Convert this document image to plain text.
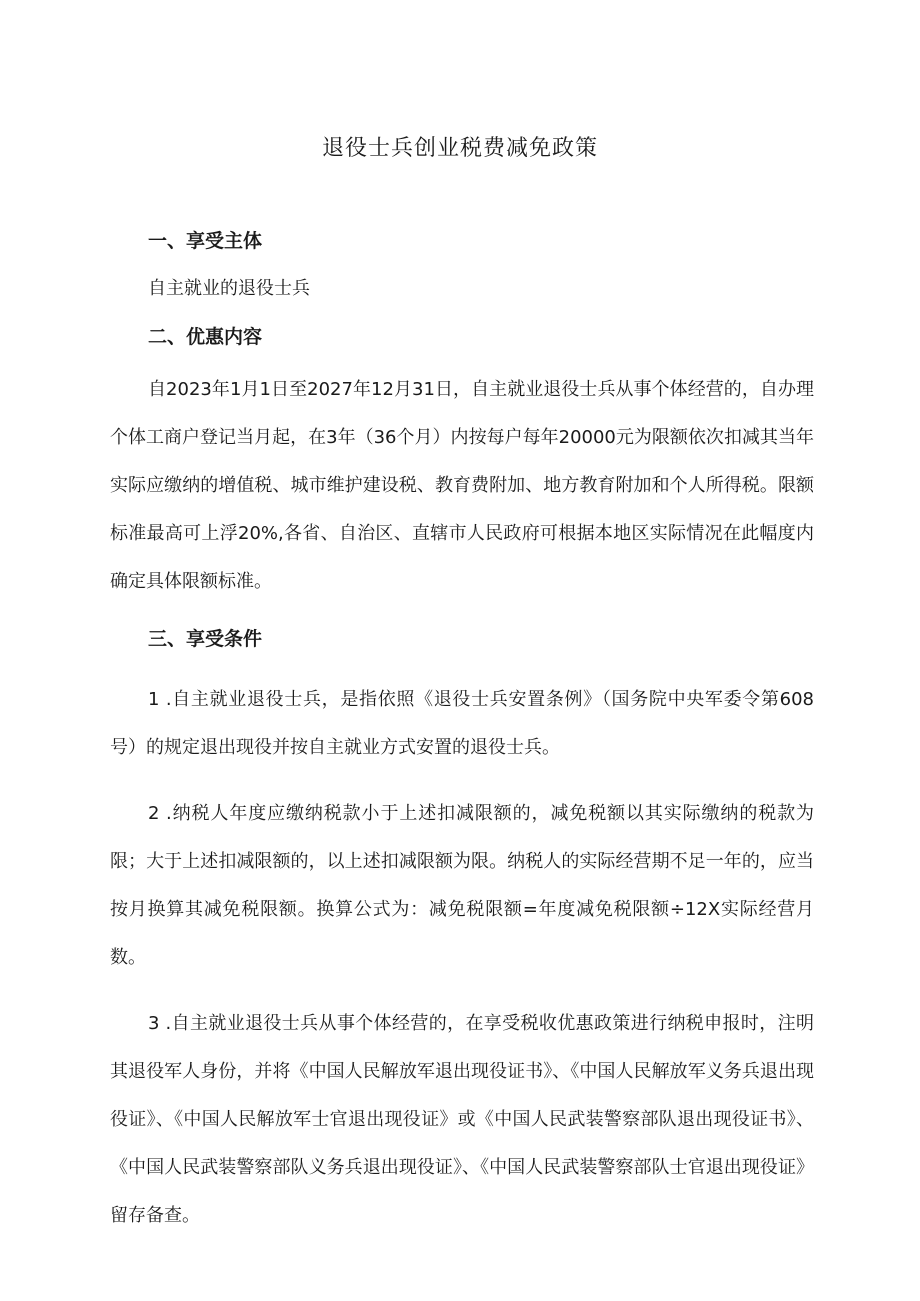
退役士兵创业税费减免政策
一、享受主体

自主就业的退役士兵

二、优惠内容

自2023年1月1日至2027年12月31日，自主就业退役士兵从事个体经营的，自办理个体工商户登记当月起，在3年（36个月）内按每户每年20000元为限额依次扣减其当年实际应缴纳的增值税、城市维护建设税、教育费附加、地方教育附加和个人所得税。限额标准最高可上浮20%,各省、自治区、直辖市人民政府可根据本地区实际情况在此幅度内确定具体限额标准。

三、享受条件

1 .自主就业退役士兵，是指依照《退役士兵安置条例》（国务院中央军委令第608号）的规定退出现役并按自主就业方式安置的退役士兵。

2 .纳税人年度应缴纳税款小于上述扣减限额的，减免税额以其实际缴纳的税款为限；大于上述扣减限额的，以上述扣减限额为限。纳税人的实际经营期不足一年的，应当按月换算其减免税限额。换算公式为：减免税限额=年度减免税限额÷12X实际经营月数。

3 .自主就业退役士兵从事个体经营的，在享受税收优惠政策进行纳税申报时，注明其退役军人身份，并将《中国人民解放军退出现役证书》、《中国人民解放军义务兵退出现役证》、《中国人民解放军士官退出现役证》或《中国人民武装警察部队退出现役证书》、《中国人民武装警察部队义务兵退出现役证》、《中国人民武装警察部队士官退出现役证》留存备查。
